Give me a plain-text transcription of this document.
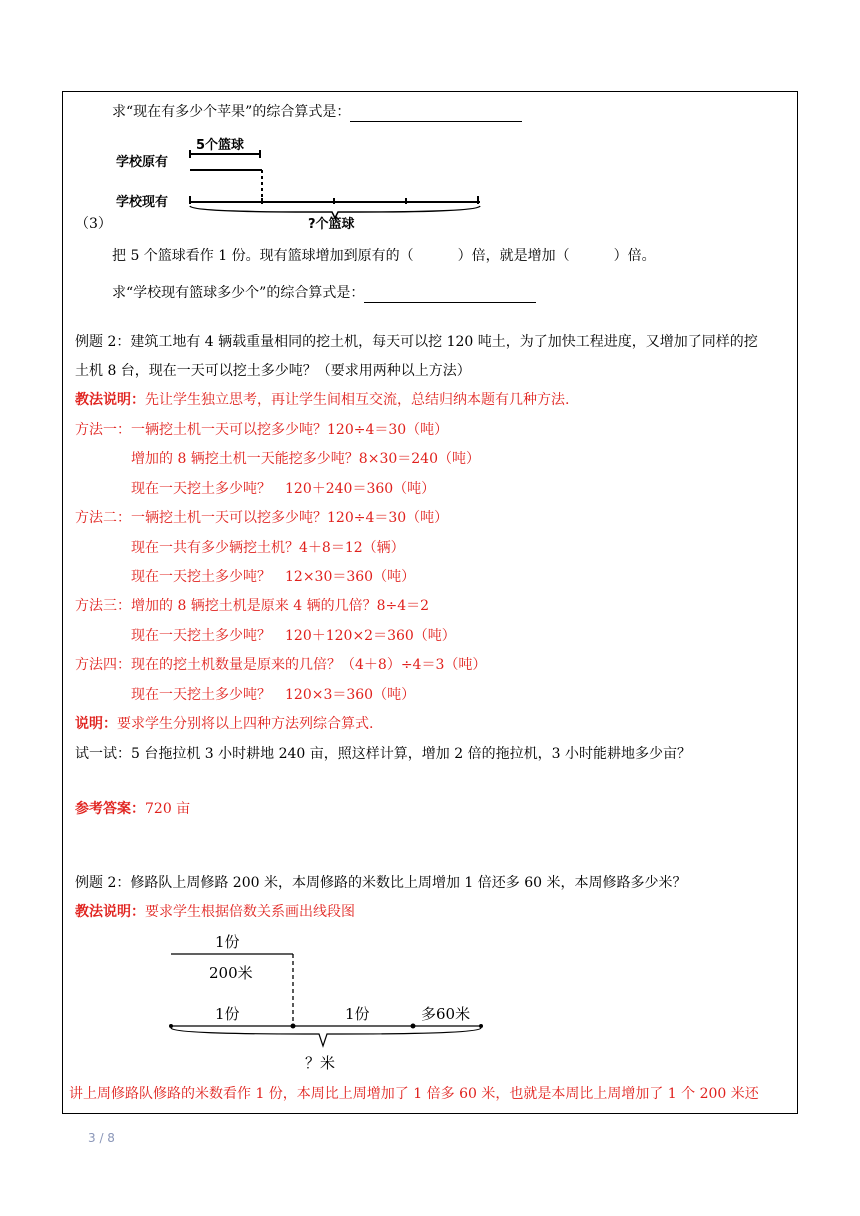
求“现在有多少个苹果”的综合算式是：
5个篮球
学校原有
学校现有
?个篮球
（3）
把 5 个篮球看作 1 份。现有篮球增加到原有的（	）倍，就是增加（	）倍。
求“学校现有篮球多少个”的综合算式是：
例题 2：建筑工地有 4 辆载重量相同的挖土机，每天可以挖 120 吨土，为了加快工程进度，又增加了同样的挖
土机 8 台，现在一天可以挖土多少吨？（要求用两种以上方法）
教法说明：先让学生独立思考，再让学生间相互交流，总结归纳本题有几种方法.
方法一：一辆挖土机一天可以挖多少吨？120÷4＝30（吨）
增加的 8 辆挖土机一天能挖多少吨？8×30＝240（吨）
现在一天挖土多少吨？　120＋240＝360（吨）
方法二：一辆挖土机一天可以挖多少吨？120÷4＝30（吨）
现在一共有多少辆挖土机？4＋8＝12（辆）
现在一天挖土多少吨？　12×30＝360（吨）
方法三：增加的 8 辆挖土机是原来 4 辆的几倍？8÷4＝2
现在一天挖土多少吨？　120＋120×2＝360（吨）
方法四：现在的挖土机数量是原来的几倍？（4＋8）÷4＝3（吨）
现在一天挖土多少吨？　120×3＝360（吨）
说明：要求学生分别将以上四种方法列综合算式.
试一试：5 台拖拉机 3 小时耕地 240 亩，照这样计算，增加 2 倍的拖拉机，3 小时能耕地多少亩？
参考答案：720 亩
例题 2：修路队上周修路 200 米，本周修路的米数比上周增加 1 倍还多 60 米，本周修路多少米？
教法说明：要求学生根据倍数关系画出线段图
1份
200米
1份	1份	多60米
？米
讲上周修路队修路的米数看作 1 份，本周比上周增加了 1 倍多 60 米，也就是本周比上周增加了 1 个 200 米还
3 / 8
